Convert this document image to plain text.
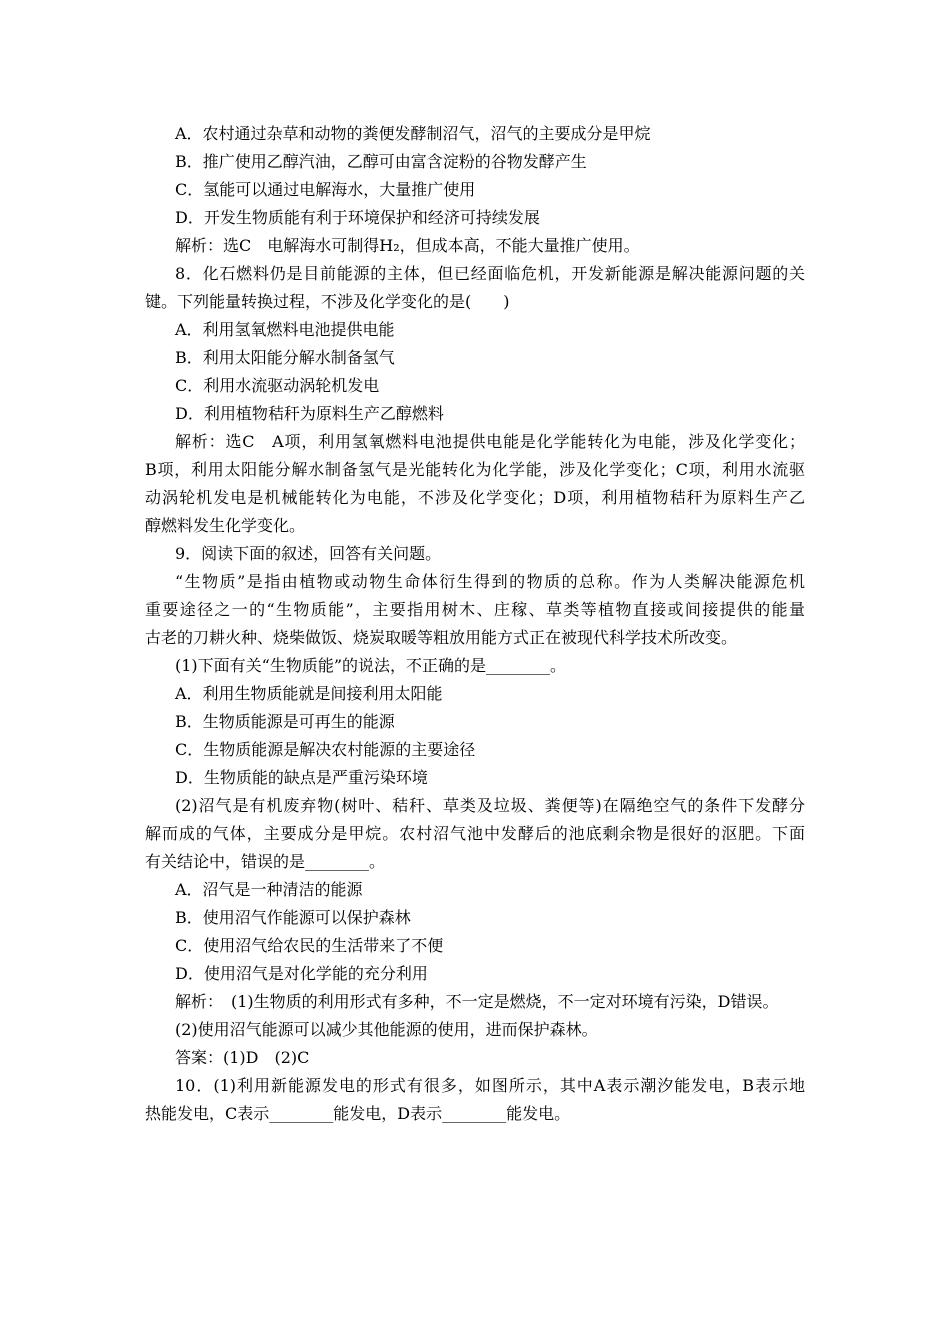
A．农村通过杂草和动物的粪便发酵制沼气，沼气的主要成分是甲烷
B．推广使用乙醇汽油，乙醇可由富含淀粉的谷物发酵产生
C．氢能可以通过电解海水，大量推广使用
D．开发生物质能有利于环境保护和经济可持续发展
解析：选C　电解海水可制得H₂，但成本高，不能大量推广使用。
8．化石燃料仍是目前能源的主体，但已经面临危机，开发新能源是解决能源问题的关
键。下列能量转换过程，不涉及化学变化的是(　　)
A．利用氢氧燃料电池提供电能
B．利用太阳能分解水制备氢气
C．利用水流驱动涡轮机发电
D．利用植物秸秆为原料生产乙醇燃料
解析：选C　A项，利用氢氧燃料电池提供电能是化学能转化为电能，涉及化学变化；
B项，利用太阳能分解水制备氢气是光能转化为化学能，涉及化学变化；C项，利用水流驱
动涡轮机发电是机械能转化为电能，不涉及化学变化；D项，利用植物秸秆为原料生产乙
醇燃料发生化学变化。
9．阅读下面的叙述，回答有关问题。
“生物质”是指由植物或动物生命体衍生得到的物质的总称。作为人类解决能源危机
重要途径之一的“生物质能”，主要指用树木、庄稼、草类等植物直接或间接提供的能量
古老的刀耕火种、烧柴做饭、烧炭取暖等粗放用能方式正在被现代科学技术所改变。
(1)下面有关“生物质能”的说法，不正确的是________。
A．利用生物质能就是间接利用太阳能
B．生物质能源是可再生的能源
C．生物质能源是解决农村能源的主要途径
D．生物质能的缺点是严重污染环境
(2)沼气是有机废弃物(树叶、秸秆、草类及垃圾、粪便等)在隔绝空气的条件下发酵分
解而成的气体，主要成分是甲烷。农村沼气池中发酵后的池底剩余物是很好的沤肥。下面
有关结论中，错误的是________。
A．沼气是一种清洁的能源
B．使用沼气作能源可以保护森林
C．使用沼气给农民的生活带来了不便
D．使用沼气是对化学能的充分利用
解析：　(1)生物质的利用形式有多种，不一定是燃烧，不一定对环境有污染，D错误。
(2)使用沼气能源可以减少其他能源的使用，进而保护森林。
答案：(1)D　(2)C
10．(1)利用新能源发电的形式有很多，如图所示，其中A表示潮汐能发电，B表示地
热能发电，C表示________能发电，D表示________能发电。
